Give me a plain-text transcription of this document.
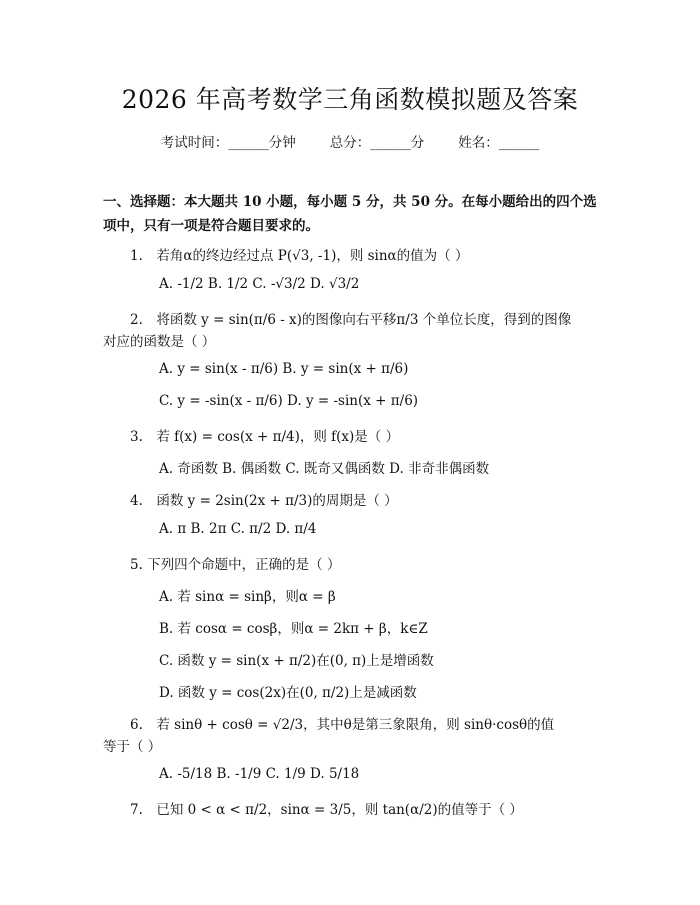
2026 年高考数学三角函数模拟题及答案
考试时间：______分钟	总分：______分	姓名：______
一、选择题：本大题共 10 小题，每小题 5 分，共 50 分。在每小题给出的四个选项中，只有一项是符合题目要求的。
1.　若角α的终边经过点 P(√3, -1)，则 sinα的值为（ ）
A. -1/2 B. 1/2 C. -√3/2 D. √3/2
2.　将函数 y = sin(π/6 - x)的图像向右平移π/3 个单位长度，得到的图像
对应的函数是（ ）
A. y = sin(x - π/6) B. y = sin(x + π/6)
C. y = -sin(x - π/6) D. y = -sin(x + π/6)
3.　若 f(x) = cos(x + π/4)，则 f(x)是（ ）
A. 奇函数 B. 偶函数 C. 既奇又偶函数 D. 非奇非偶函数
4.　函数 y = 2sin(2x + π/3)的周期是（ ）
A. π B. 2π C. π/2 D. π/4
5. 下列四个命题中，正确的是（ ）
A. 若 sinα = sinβ，则α = β
B. 若 cosα = cosβ，则α = 2kπ + β，k∈Z
C. 函数 y = sin(x + π/2)在(0, π)上是增函数
D. 函数 y = cos(2x)在(0, π/2)上是减函数
6.　若 sinθ + cosθ = √2/3，其中θ是第三象限角，则 sinθ·cosθ的值
等于（ ）
A. -5/18 B. -1/9 C. 1/9 D. 5/18
7.　已知 0 < α < π/2，sinα = 3/5，则 tan(α/2)的值等于（ ）
